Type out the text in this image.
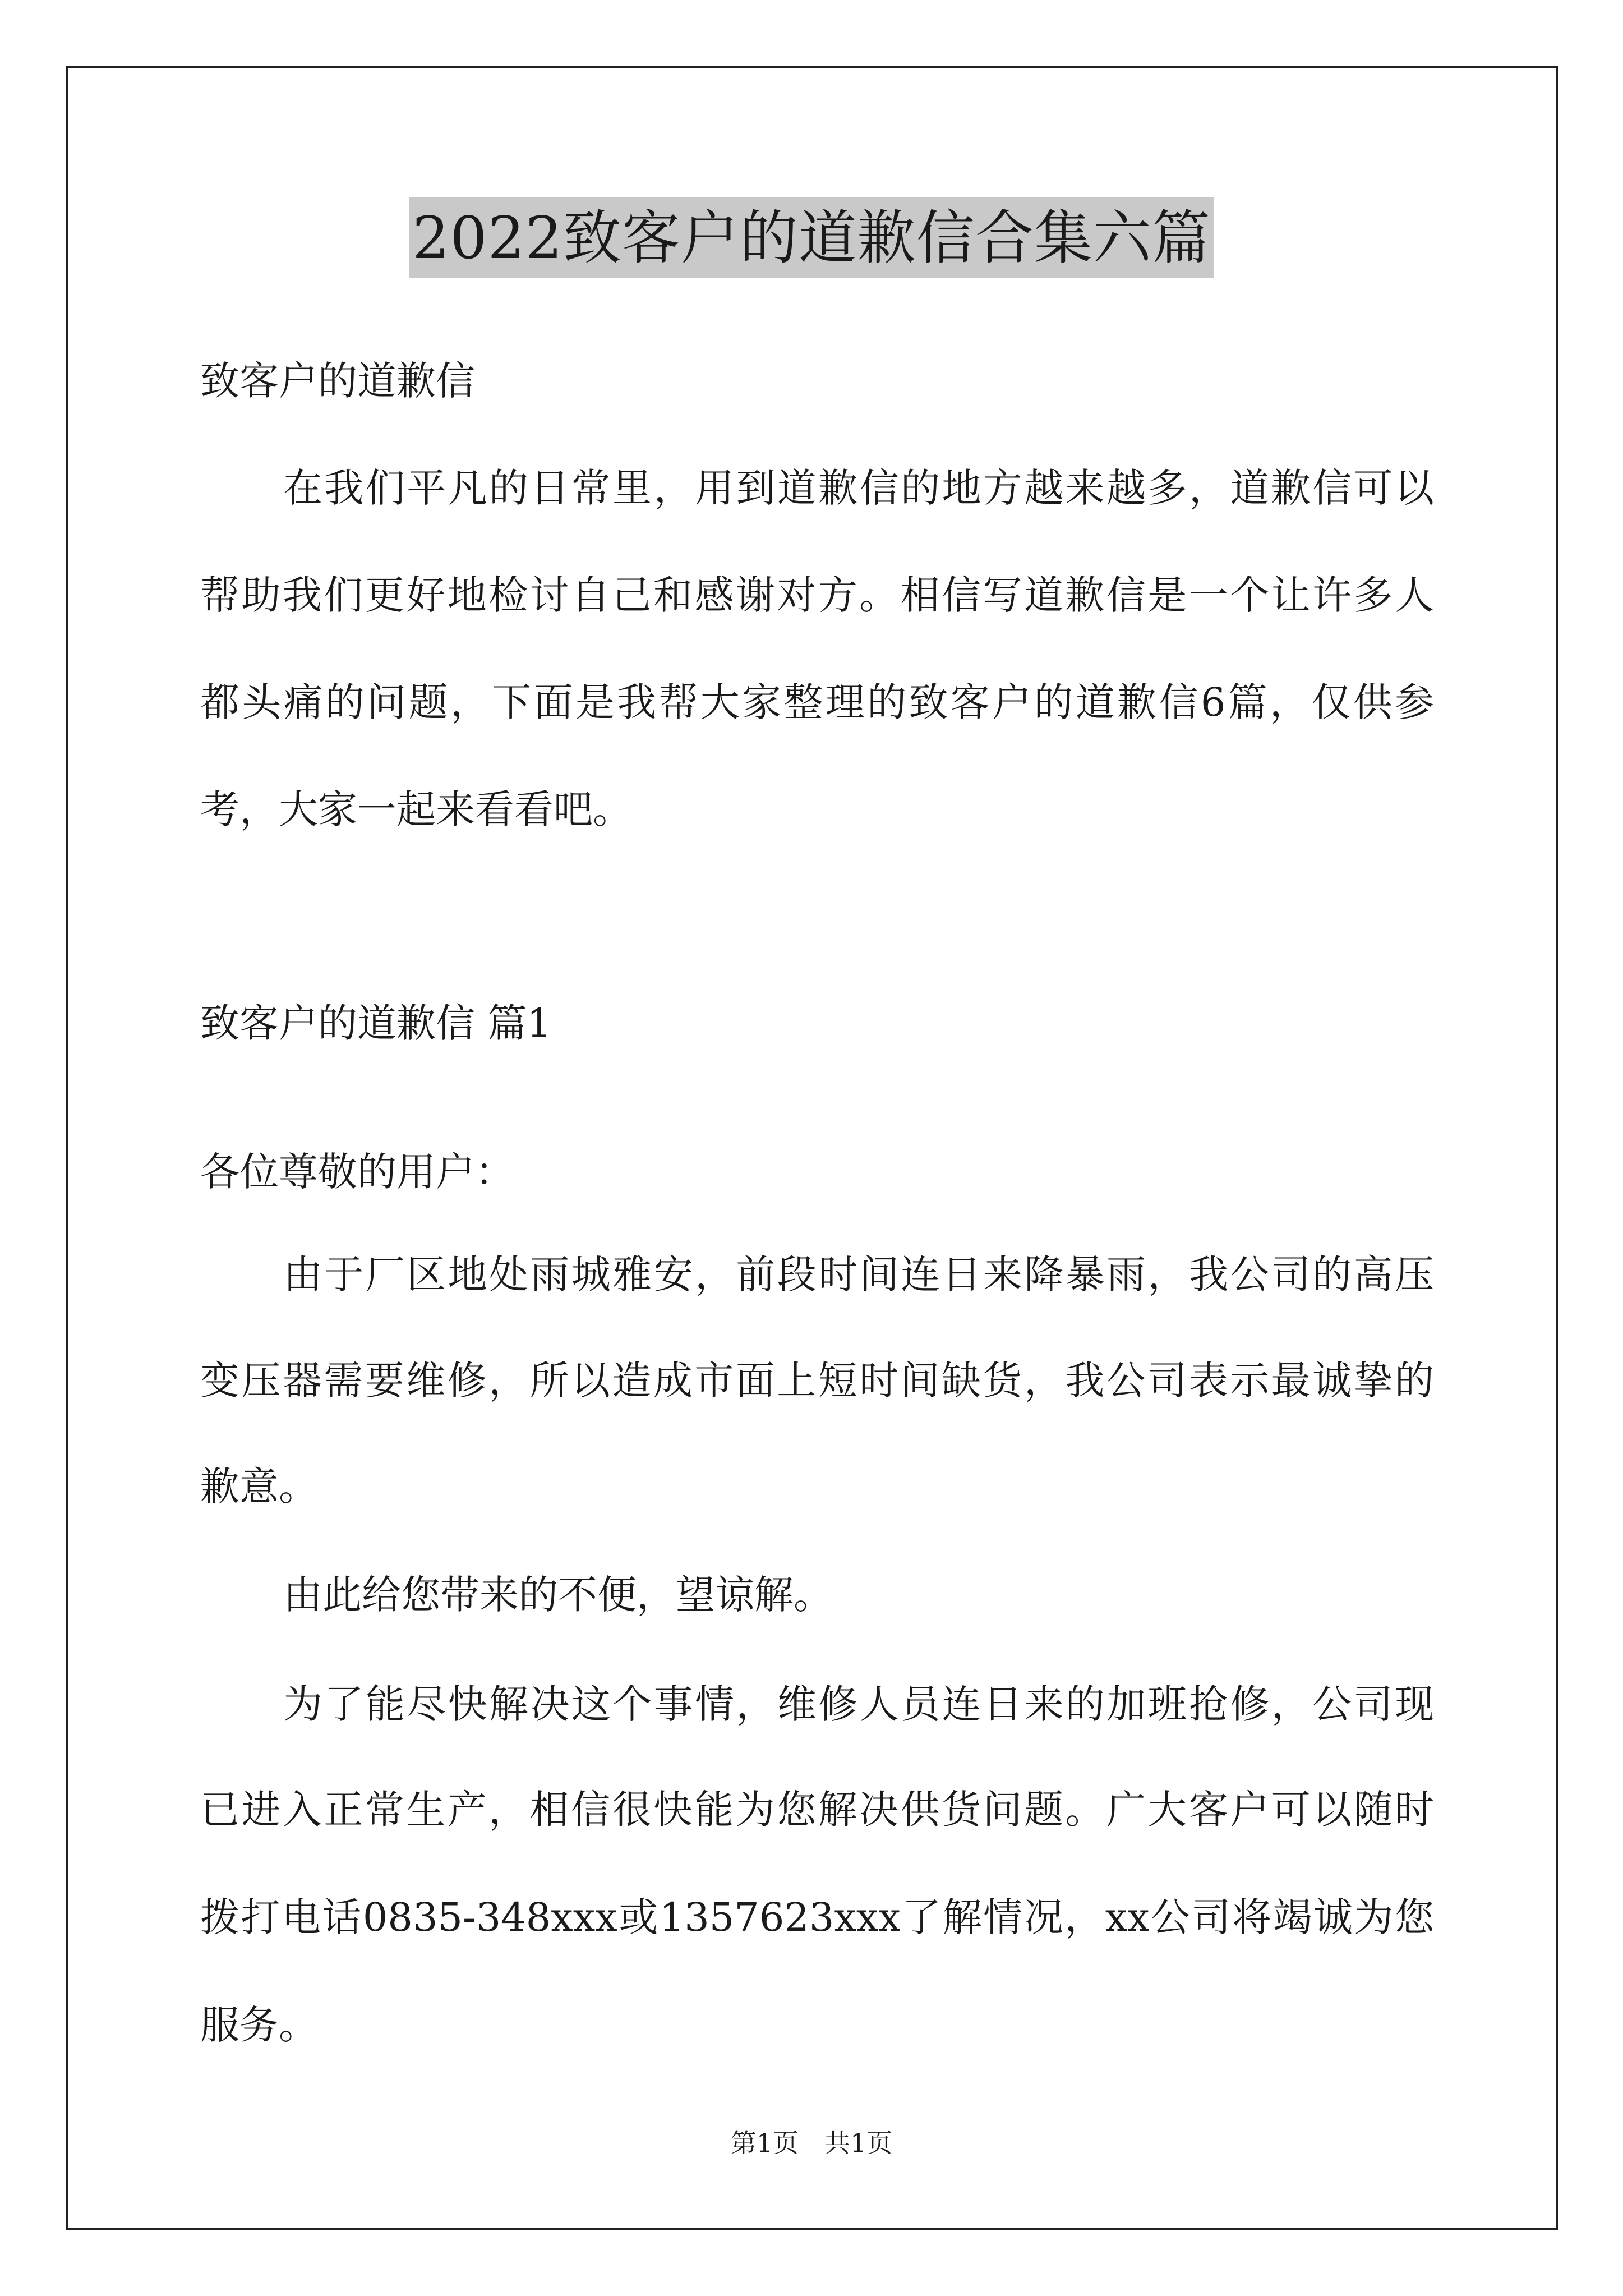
2022致客户的道歉信合集六篇
致客户的道歉信
在我们平凡的日常里，用到道歉信的地方越来越多，道歉信可以
帮助我们更好地检讨自己和感谢对方。相信写道歉信是一个让许多人
都头痛的问题，下面是我帮大家整理的致客户的道歉信6篇，仅供参
考，大家一起来看看吧。
致客户的道歉信 篇1
各位尊敬的用户：
由于厂区地处雨城雅安，前段时间连日来降暴雨，我公司的高压
变压器需要维修，所以造成市面上短时间缺货，我公司表示最诚挚的
歉意。
由此给您带来的不便，望谅解。
为了能尽快解决这个事情，维修人员连日来的加班抢修，公司现
已进入正常生产，相信很快能为您解决供货问题。广大客户可以随时
拨打电话0835-348xxx或1357623xxx了解情况，xx公司将竭诚为您
服务。
第1页 共1页
